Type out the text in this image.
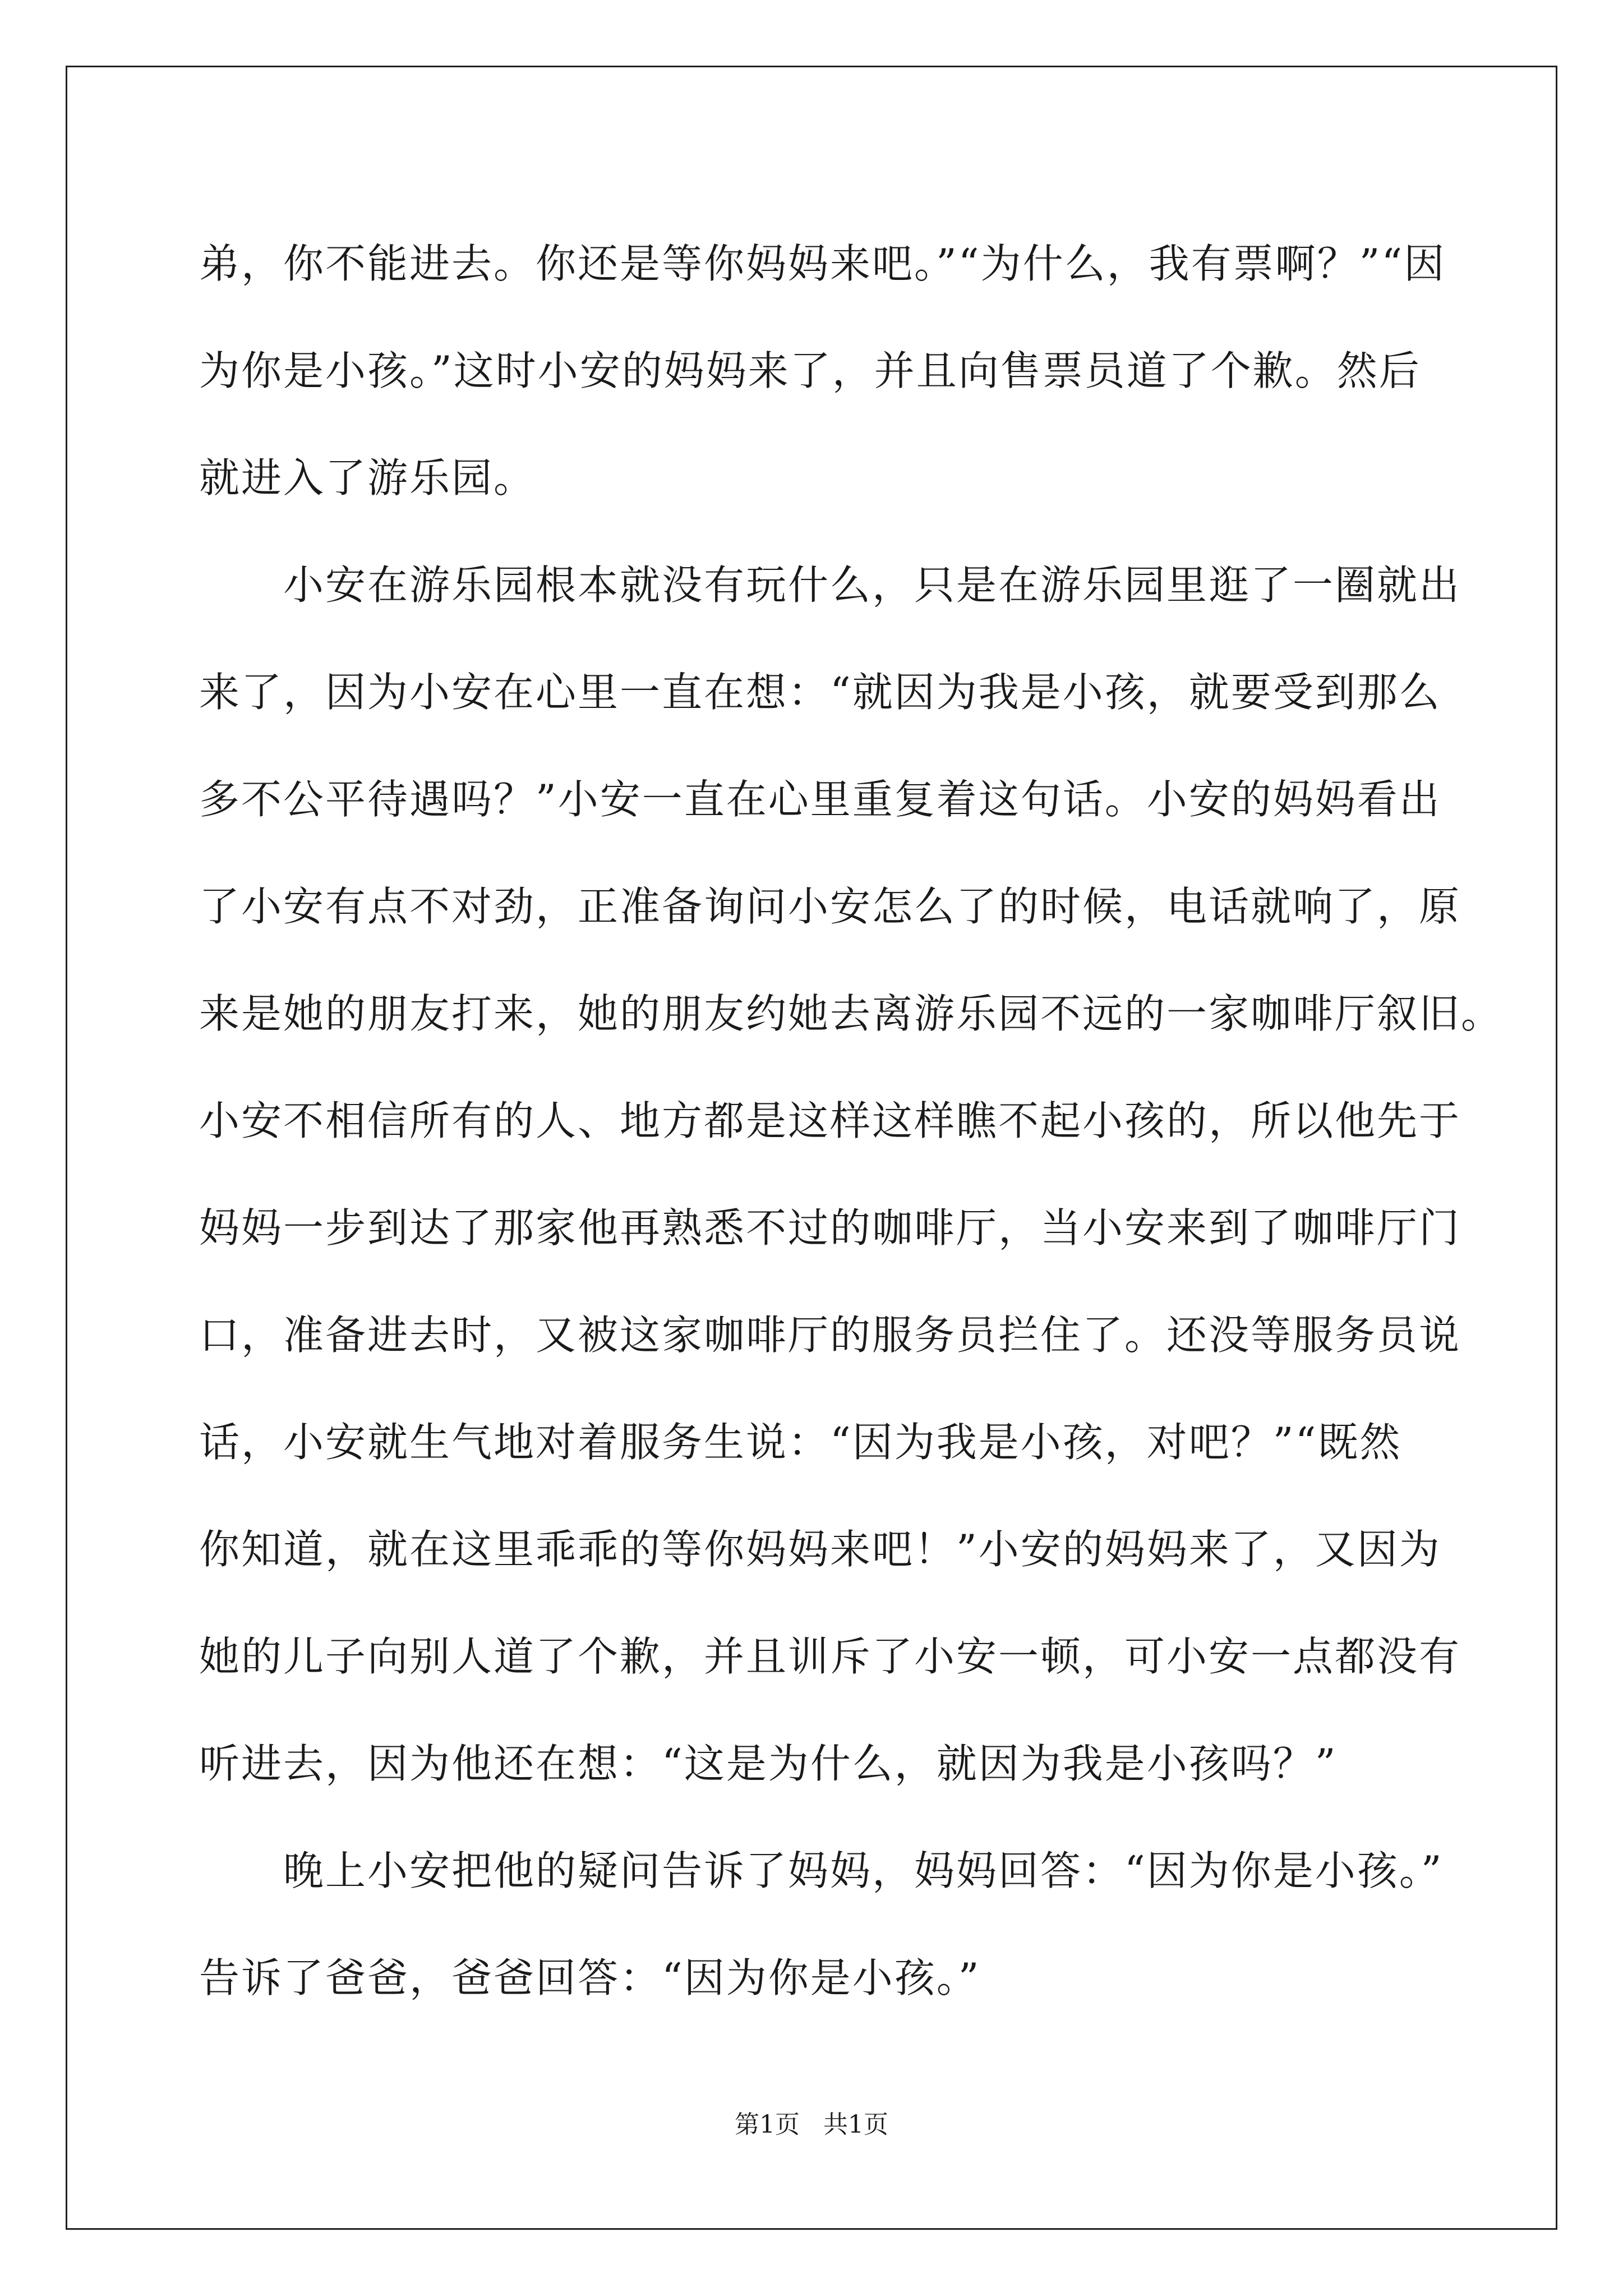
弟，你不能进去。你还是等你妈妈来吧。”“为什么，我有票啊？”“因
为你是小孩。”这时小安的妈妈来了，并且向售票员道了个歉。然后
就进入了游乐园。
小安在游乐园根本就没有玩什么，只是在游乐园里逛了一圈就出
来了，因为小安在心里一直在想：“就因为我是小孩，就要受到那么
多不公平待遇吗？”小安一直在心里重复着这句话。小安的妈妈看出
了小安有点不对劲，正准备询问小安怎么了的时候，电话就响了，原
来是她的朋友打来，她的朋友约她去离游乐园不远的一家咖啡厅叙旧。
小安不相信所有的人、地方都是这样这样瞧不起小孩的，所以他先于
妈妈一步到达了那家他再熟悉不过的咖啡厅，当小安来到了咖啡厅门
口，准备进去时，又被这家咖啡厅的服务员拦住了。还没等服务员说
话，小安就生气地对着服务生说：“因为我是小孩，对吧？”“既然
你知道，就在这里乖乖的等你妈妈来吧！”小安的妈妈来了，又因为
她的儿子向别人道了个歉，并且训斥了小安一顿，可小安一点都没有
听进去，因为他还在想：“这是为什么，就因为我是小孩吗？”
晚上小安把他的疑问告诉了妈妈，妈妈回答：“因为你是小孩。”
告诉了爸爸，爸爸回答：“因为你是小孩。”
第1页   共1页
